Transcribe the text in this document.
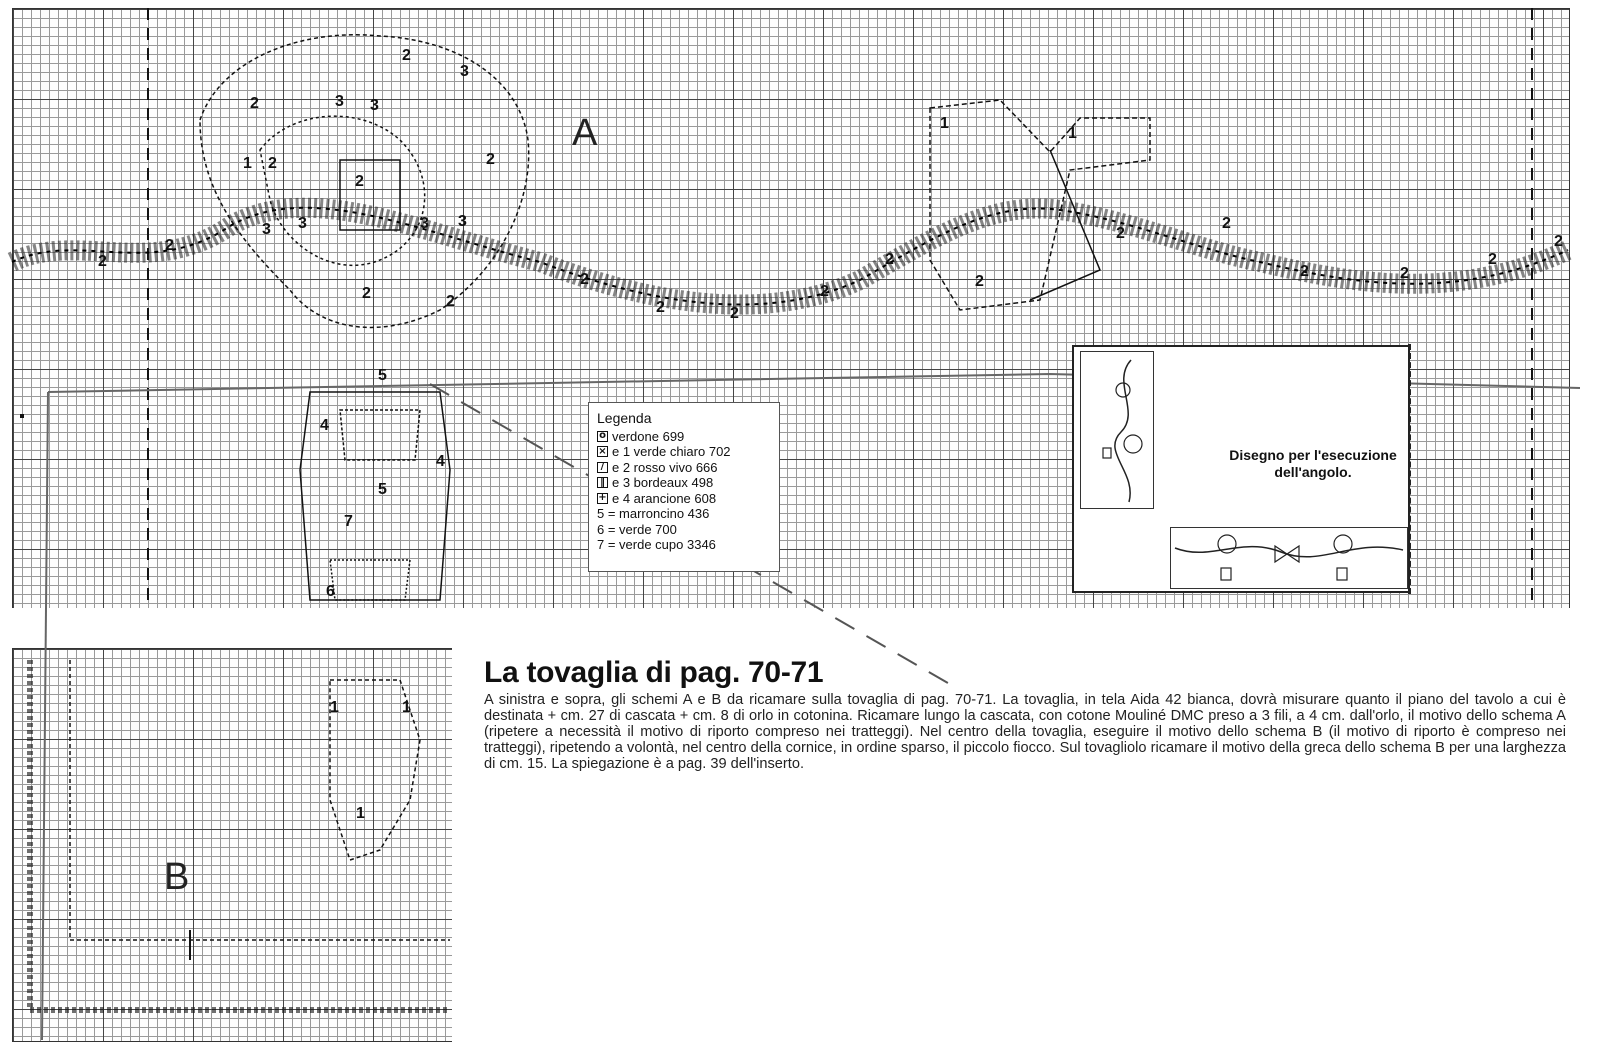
2	3 3
2
3
1 2
2
3 3	3 3
2
2
2	2
2
2
2	2
2
2
1
1
2
2
2
2	2
2
2
5
4
4
5
7
6
1	1
1
A
B
Legenda
o verdone 699
× e 1 verde chiaro 702
/ e 2 rosso vivo 666
‖ e 3 bordeaux 498
+ e 4 arancione 608
5 = marroncino 436
6 = verde 700
7 = verde cupo 3346
Disegno per l'esecuzione dell'angolo.
La tovaglia di pag. 70-71
A sinistra e sopra, gli schemi A e B da ricamare sulla tovaglia di pag. 70-71. La tovaglia, in tela Aida 42 bianca, dovrà misurare quanto il piano del tavolo a cui è destinata + cm. 27 di cascata + cm. 8 di orlo in cotonina. Ricamare lungo la cascata, con cotone Mouliné DMC preso a 3 fili, a 4 cm. dall'orlo, il motivo dello schema A (ripetere a necessità il motivo di riporto compreso nei tratteggi). Nel centro della tovaglia, eseguire il motivo dello schema B (il motivo di riporto è compreso nei tratteggi), ripetendo a volontà, nel centro della cornice, in ordine sparso, il piccolo fiocco. Sul tovagliolo ricamare il motivo della greca dello schema B per una larghezza di cm. 15. La spiegazione è a pag. 39 dell'inserto.
